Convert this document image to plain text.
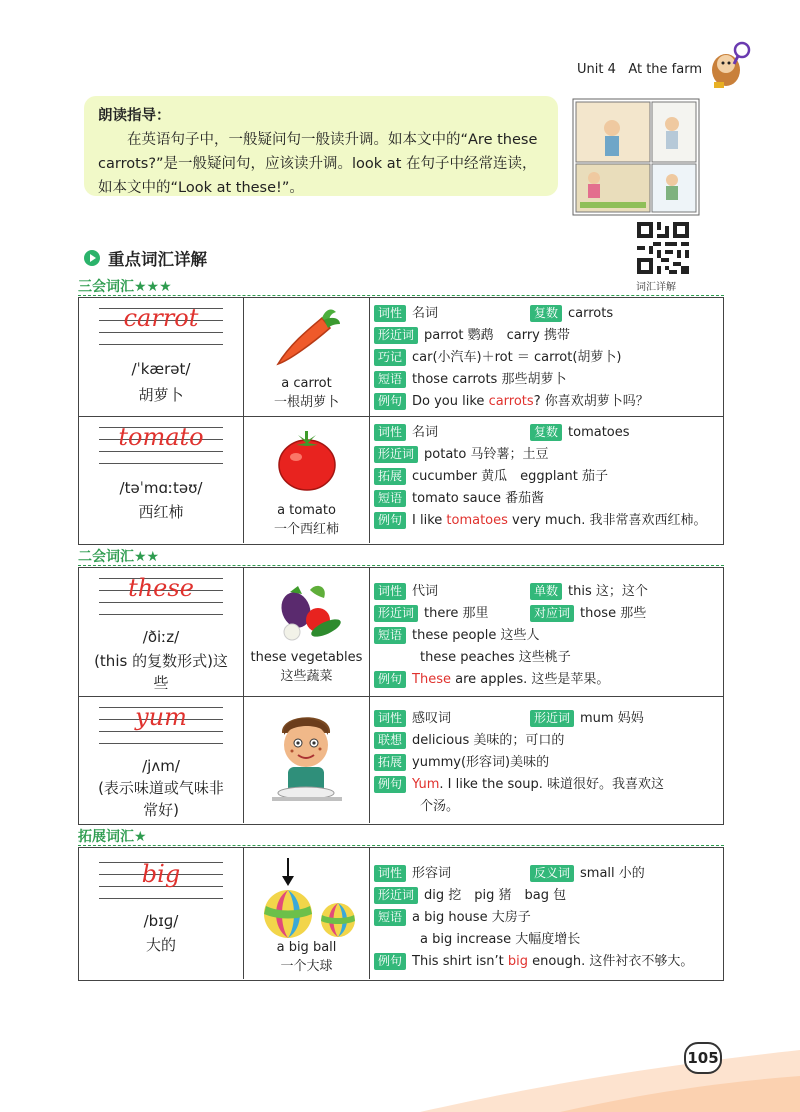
Unit 4 At the farm
朗读指导：

在英语句子中，一般疑问句一般读升调。如本文中的“Are these carrots?”是一般疑问句，应该读升调。look at 在句子中经常连读，如本文中的“Look at these!”。

词汇详解
重点词汇详解
三会词汇★★★
carrot
/ˈkærət/
胡萝卜
a carrot
一根胡萝卜
词性 名词	复数 carrots
形近词 parrot 鹦鹉　carry 携带
巧记 car(小汽车)＋rot ＝ carrot(胡萝卜)
短语 those carrots 那些胡萝卜
例句 Do you like carrots? 你喜欢胡萝卜吗？
tomato
/təˈmɑːtəʊ/
西红柿	a tomato
一个西红柿
词性 名词	复数 tomatoes
形近词 potato 马铃薯；土豆
拓展 cucumber 黄瓜　eggplant 茄子
短语 tomato sauce 番茄酱
例句 I like tomatoes very much. 我非常喜欢西红柿。
二会词汇★★
these
/ðiːz/
(this 的复数形式)这些
these vegetables
这些蔬菜
词性 代词	单数 this 这；这个
形近词 there 那里	对应词 those 那些
短语 these people 这些人
these peaches 这些桃子
例句 These are apples. 这些是苹果。
yum
/jʌm/
(表示味道或气味非常好)
词性 感叹词	形近词 mum 妈妈
联想 delicious 美味的；可口的
拓展 yummy(形容词)美味的
例句 Yum. I like the soup. 味道很好。我喜欢这
个汤。
拓展词汇★
big
/bɪɡ/
大的	a big ball
一个大球
词性 形容词	反义词 small 小的
形近词 dig 挖　pig 猪　bag 包
短语 a big house 大房子
a big increase 大幅度增长
例句 This shirt isn’t big enough. 这件衬衣不够大。
105
